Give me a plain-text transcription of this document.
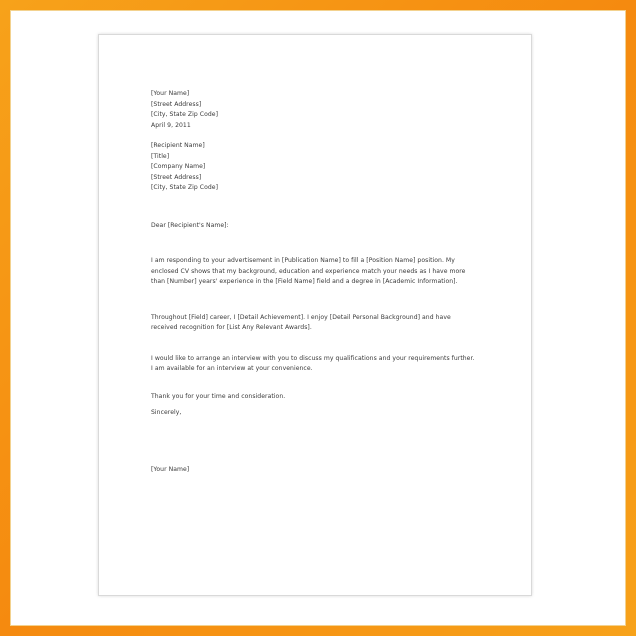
[Your Name]
[Street Address]
[City, State Zip Code]
April 9, 2011
[Recipient Name]
[Title]
[Company Name]
[Street Address]
[City, State Zip Code]
Dear [Recipient's Name]:
I am responding to your advertisement in [Publication Name] to fill a [Position Name] position. My
enclosed CV shows that my background, education and experience match your needs as I have more
than [Number] years' experience in the [Field Name] field and a degree in [Academic Information].
Throughout [Field] career, I [Detail Achievement]. I enjoy [Detail Personal Background] and have
received recognition for [List Any Relevant Awards].
I would like to arrange an interview with you to discuss my qualifications and your requirements further.
I am available for an interview at your convenience.
Thank you for your time and consideration.
Sincerely,
[Your Name]
